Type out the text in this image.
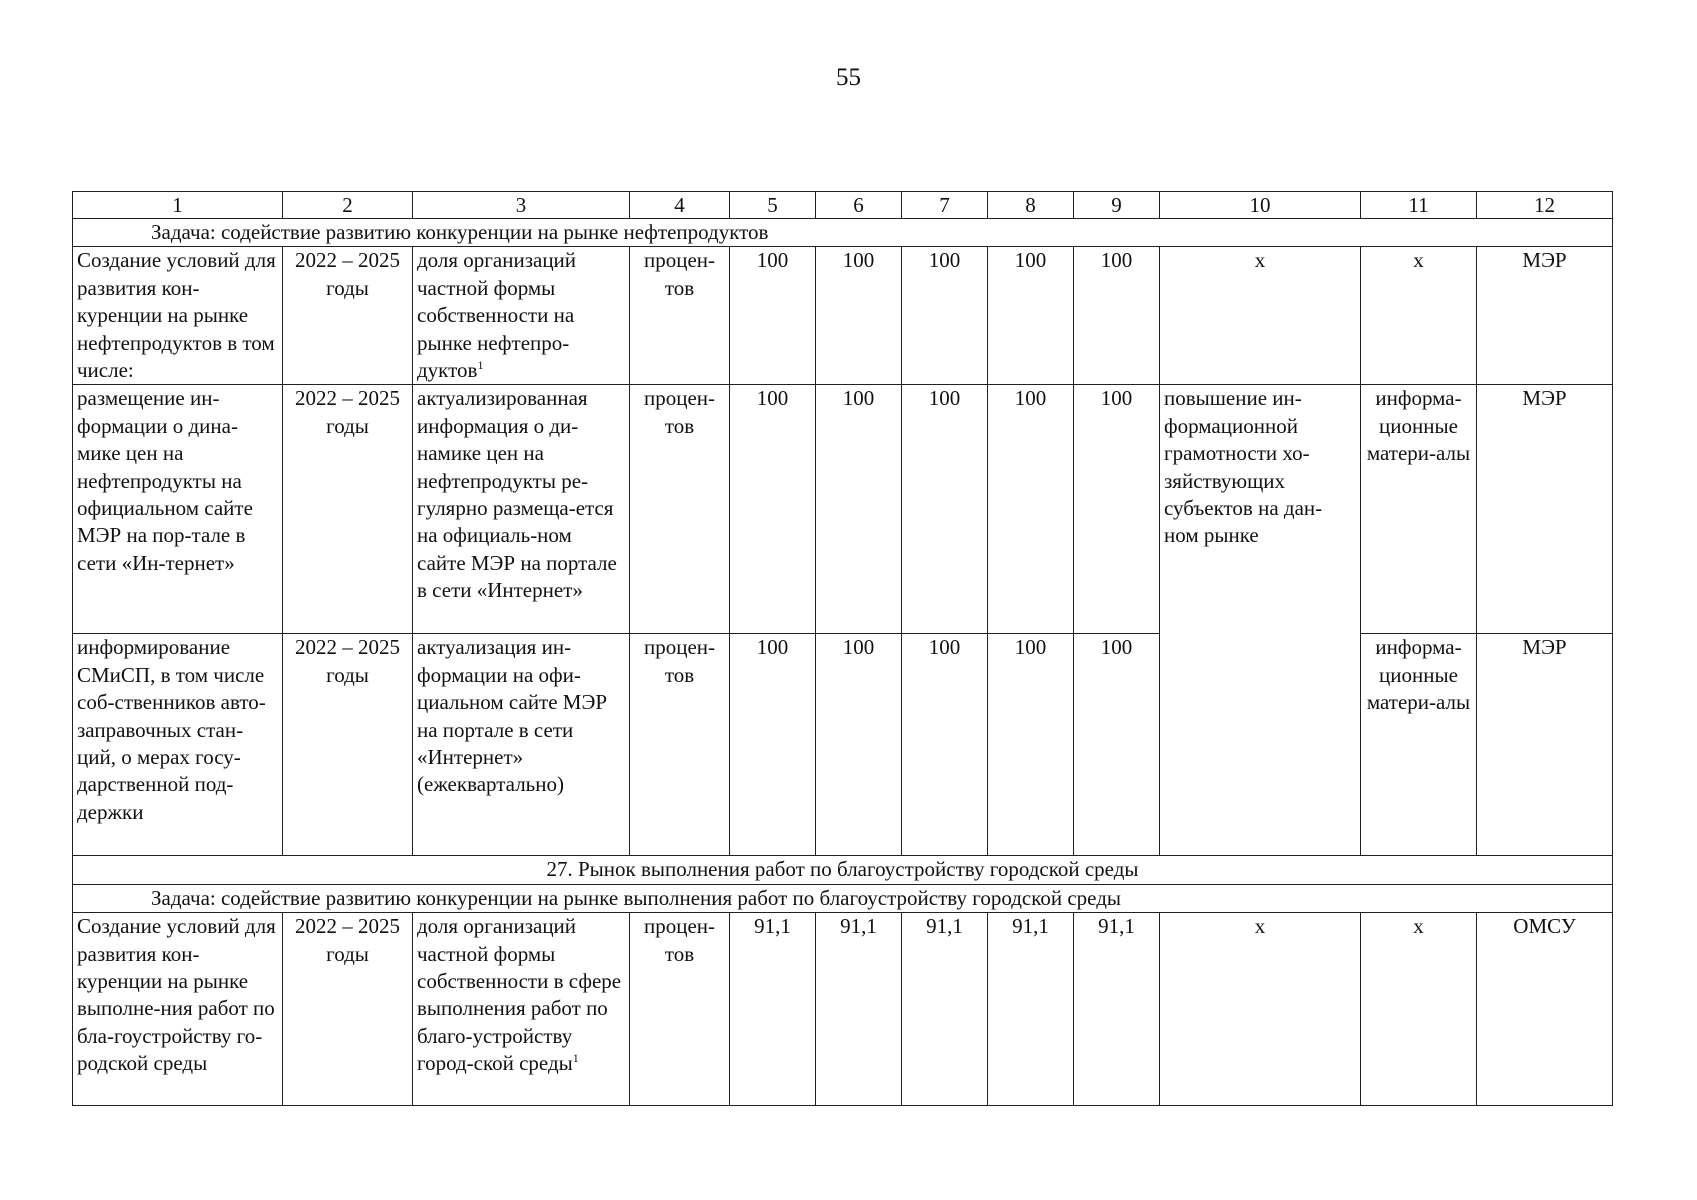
55
1	2	3	4	5	6	7	8	9	10	11	12
Задача: содействие развитию конкуренции на рынке нефтепродуктов											
Создание условий для развития кон-куренции на рынке нефтепродуктов в том числе:	2022 – 2025 годы	доля организаций частной формы собственности на рынке нефтепро-дуктов$^1$	процен-тов	100	100	100	100	100	х	х	МЭР
размещение ин-формации о дина-мике цен на нефтепродукты на официальном сайте МЭР на пор-тале в сети «Ин-тернет»	2022 – 2025 годы	актуализированная информация о ди-намике цен на нефтепродукты ре-гулярно размеща-ется на официаль-ном сайте МЭР на портале в сети «Интернет»	процен-тов	100	100	100	100	100	повышение ин-формационной грамотности хо-зяйствующих субъектов на дан-ном рынке	информа-ционные матери-алы	МЭР
информирование СМиСП, в том числе соб-ственников авто-заправочных стан-ций, о мерах госу-дарственной под-держки	2022 – 2025 годы	актуализация ин-формации на офи-циальном сайте МЭР на портале в сети «Интернет» (ежеквартально)	процен-тов	100	100	100	100	100		информа-ционные матери-алы	МЭР
27. Рынок выполнения работ по благоустройству городской среды											
Задача: содействие развитию конкуренции на рынке выполнения работ по благоустройству городской среды											
Создание условий для развития кон-куренции на рынке выполне-ния работ по бла-гоустройству го-родской среды	2022 – 2025 годы	доля организаций частной формы собственности в сфере выполнения работ по благо-устройству город-ской среды$^1$	процен-тов	91,1	91,1	91,1	91,1	91,1	х	х	ОМСУ
